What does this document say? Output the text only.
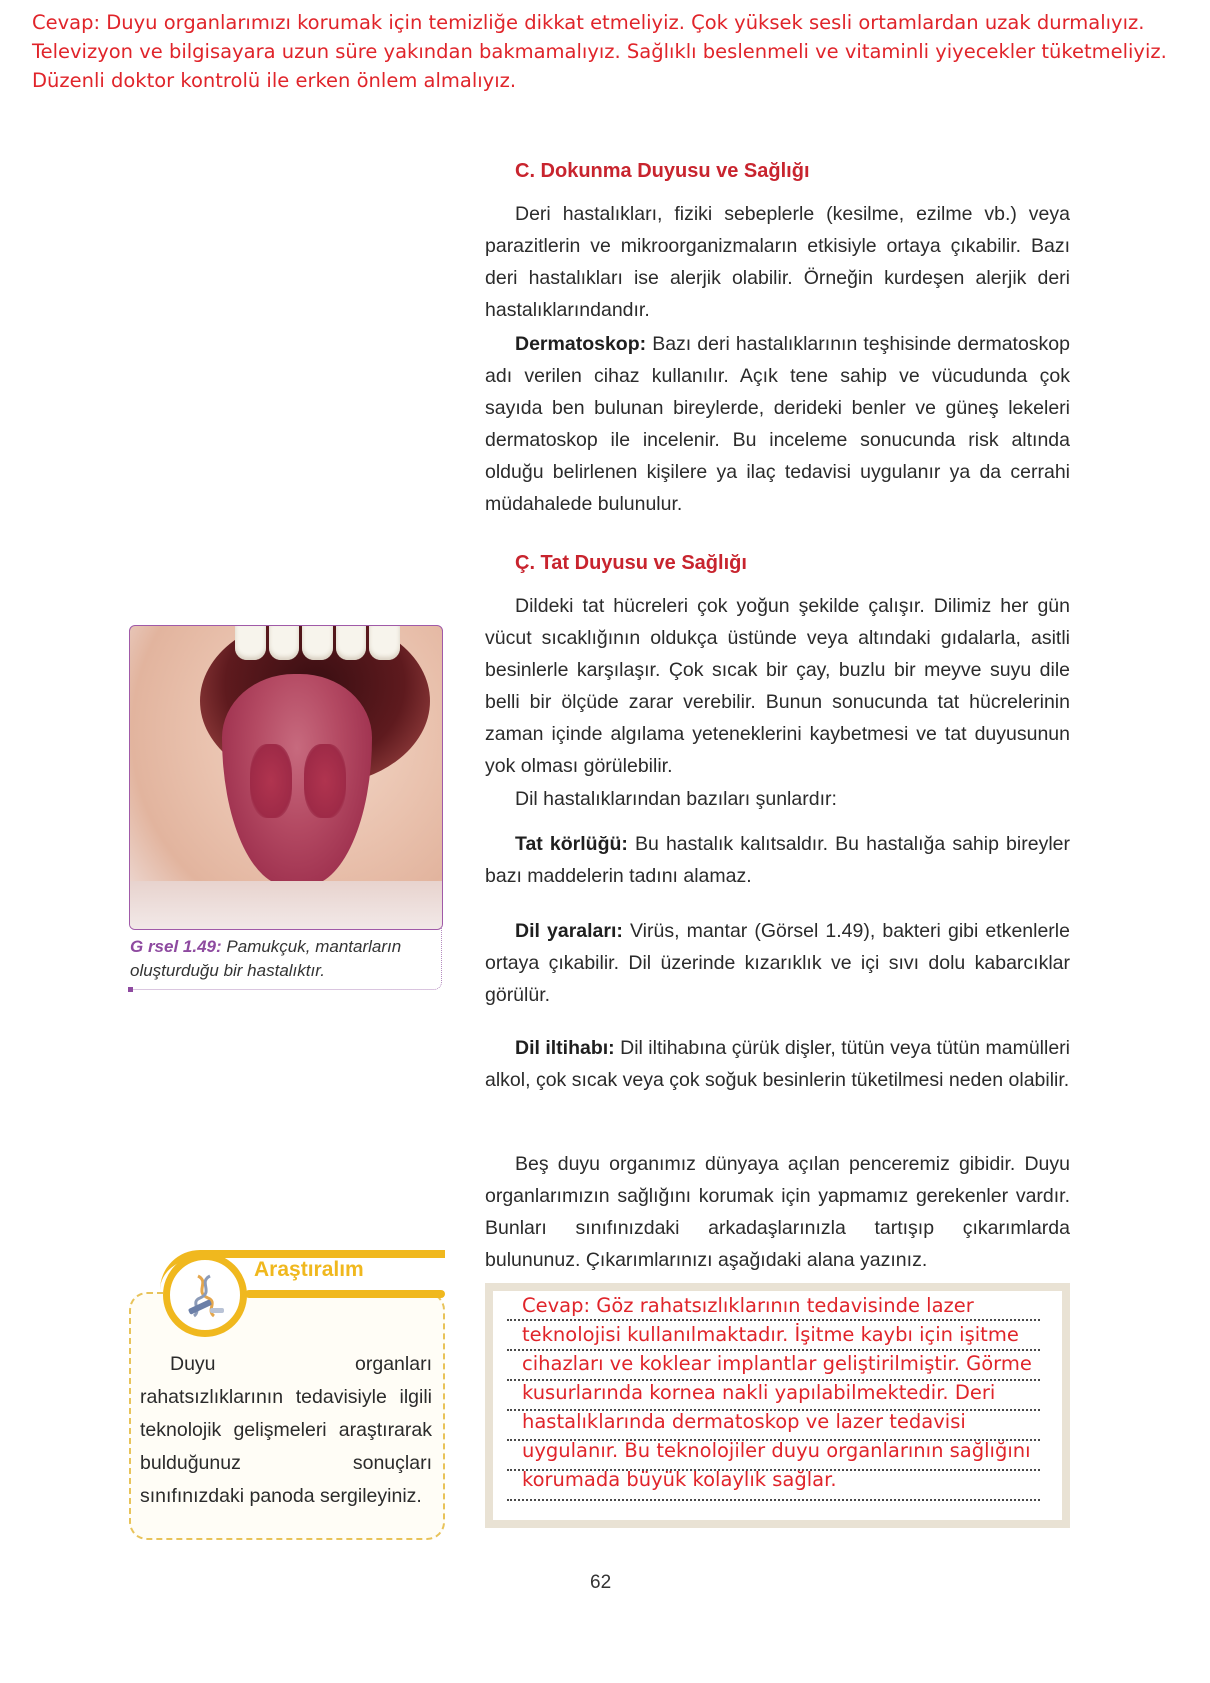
Cevap: Duyu organlarımızı korumak için temizliğe dikkat etmeliyiz. Çok yüksek sesli ortamlardan uzak durmalıyız. Televizyon ve bilgisayara uzun süre yakından bakmamalıyız. Sağlıklı beslenmeli ve vitaminli yiyecekler tüketmeliyiz. Düzenli doktor kontrolü ile erken önlem almalıyız.
C. Dokunma Duyusu ve Sağlığı

Deri hastalıkları, fiziki sebeplerle (kesilme, ezilme vb.) veya parazitlerin ve mikroorganizmaların etkisiyle ortaya çıkabilir. Bazı deri hastalıkları ise alerjik olabilir. Örneğin kurdeşen alerjik deri hastalıklarındandır.

Dermatoskop: Bazı deri hastalıklarının teşhisinde dermatoskop adı verilen cihaz kullanılır. Açık tene sahip ve vücudunda çok sayıda ben bulunan bireylerde, derideki benler ve güneş lekeleri dermatoskop ile incelenir. Bu inceleme sonucunda risk altında olduğu belirlenen kişilere ya ilaç tedavisi uygulanır ya da cerrahi müdahalede bulunulur.

Ç. Tat Duyusu ve Sağlığı

Dildeki tat hücreleri çok yoğun şekilde çalışır. Dilimiz her gün vücut sıcaklığının oldukça üstünde veya altındaki gıdalarla, asitli besinlerle karşılaşır. Çok sıcak bir çay, buzlu bir meyve suyu dile belli bir ölçüde zarar verebilir. Bunun sonucunda tat hücrelerinin zaman içinde algılama yeteneklerini kaybetmesi ve tat duyusunun yok olması görülebilir.

Dil hastalıklarından bazıları şunlardır:

Tat körlüğü: Bu hastalık kalıtsaldır. Bu hastalığa sahip bireyler bazı maddelerin tadını alamaz.

Dil yaraları: Virüs, mantar (Görsel 1.49), bakteri gibi etkenlerle ortaya çıkabilir. Dil üzerinde kızarıklık ve içi sıvı dolu kabarcıklar görülür.

Dil iltihabı: Dil iltihabına çürük dişler, tütün veya tütün mamülleri alkol, çok sıcak veya çok soğuk besinlerin tüketilmesi neden olabilir.

Beş duyu organımız dünyaya açılan penceremiz gibidir. Duyu organlarımızın sağlığını korumak için yapmamız gerekenler vardır. Bunları sınıfınızdaki arkadaşlarınızla tartışıp çıkarımlarda bulununuz. Çıkarımlarınızı aşağıdaki alana yazınız.

G rsel 1.49: Pamukçuk, mantarların oluşturduğu bir hastalıktır.
Araştıralım
Duyu organları rahatsızlıklarının tedavisiyle ilgili teknolojik gelişmeleri araştırarak bulduğunuz sonuçları sınıfınızdaki panoda sergileyiniz.
Cevap: Göz rahatsızlıklarının tedavisinde lazer teknolojisi kullanılmaktadır. İşitme kaybı için işitme cihazları ve koklear implantlar geliştirilmiştir. Görme kusurlarında kornea nakli yapılabilmektedir. Deri hastalıklarında dermatoskop ve lazer tedavisi uygulanır. Bu teknolojiler duyu organlarının sağlığını korumada büyük kolaylık sağlar.
62
